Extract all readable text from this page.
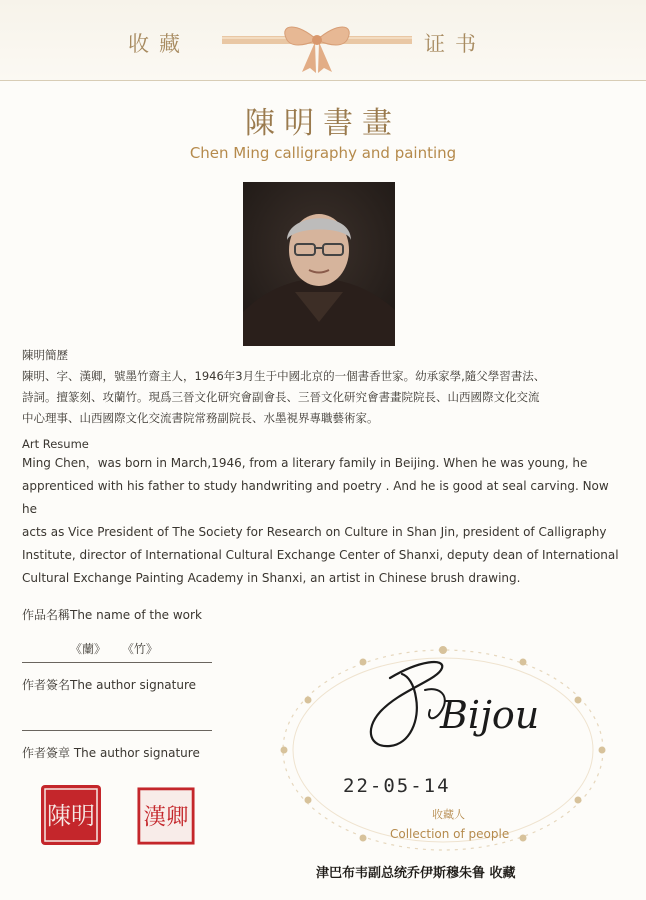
收藏	证书
陳明書畫
Chen Ming calligraphy and painting
陳明簡歷
陳明、字、漢卿，號墨竹齋主人，1946年3月生于中國北京的一個書香世家。幼承家學,隨父學習書法、
詩詞。擅篆刻、攻蘭竹。現爲三晉文化研究會副會長、三晉文化研究會書畫院院長、山西國際文化交流
中心理事、山西國際文化交流書院常務副院長、水墨視界專職藝術家。
Art Resume
Ming Chen，was born in March,1946, from a literary family in Beijing. When he was young, he
apprenticed with his father to study handwriting and poetry . And he is good at seal carving. Now he
acts as Vice President of The Society for Research on Culture in Shan Jin, president of Calligraphy
Institute, director of International Cultural Exchange Center of Shanxi, deputy dean of International
Cultural Exchange Painting Academy in Shanxi, an artist in Chinese brush drawing.
作品名稱The name of the work
《蘭》 《竹》
作者簽名The author signature
作者簽章 The author signature
陳明 漢卿
Bijou
22-05-14
收藏人
Collection of people
津巴布韦副总统乔伊斯穆朱鲁 收藏
